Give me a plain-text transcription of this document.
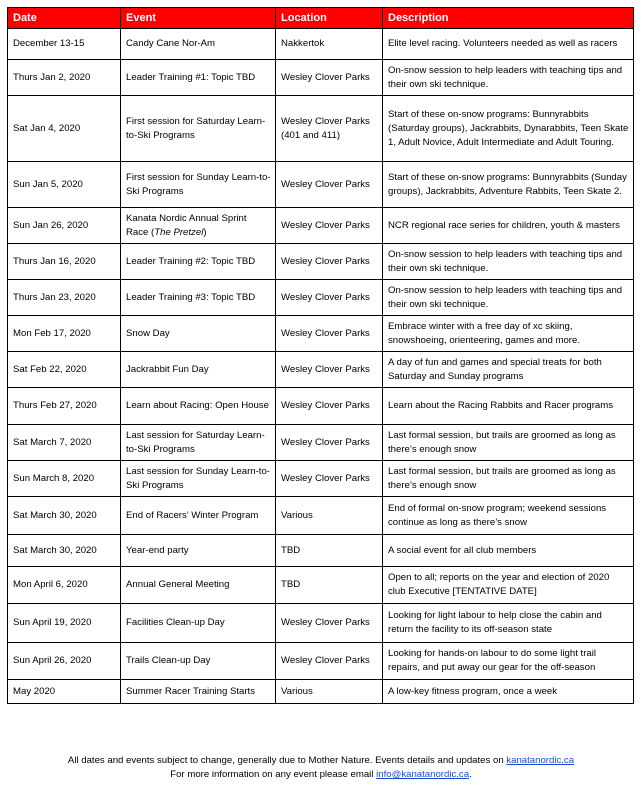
Date	Event	Location	Description
December 13-15	Candy Cane Nor-Am	Nakkertok	Elite level racing. Volunteers needed as well as racers
Thurs Jan 2, 2020	Leader Training #1: Topic TBD	Wesley Clover Parks	On-snow session to help leaders with teaching tips and their own ski technique.
Sat Jan 4, 2020	First session for Saturday Learn-to-Ski Programs	Wesley Clover Parks (401 and 411)	Start of these on-snow programs: Bunnyrabbits (Saturday groups), Jackrabbits, Dynarabbits, Teen Skate 1, Adult Novice, Adult Intermediate and Adult Touring.
Sun Jan 5, 2020	First session for Sunday Learn-to-Ski Programs	Wesley Clover Parks	Start of these on-snow programs: Bunnyrabbits (Sunday groups), Jackrabbits, Adventure Rabbits, Teen Skate 2.
Sun Jan 26, 2020	Kanata Nordic Annual Sprint Race (The Pretzel)	Wesley Clover Parks	NCR regional race series for children, youth & masters
Thurs Jan 16, 2020	Leader Training #2: Topic TBD	Wesley Clover Parks	On-snow session to help leaders with teaching tips and their own ski technique.
Thurs Jan 23, 2020	Leader Training #3: Topic TBD	Wesley Clover Parks	On-snow session to help leaders with teaching tips and their own ski technique.
Mon Feb 17, 2020	Snow Day	Wesley Clover Parks	Embrace winter with a free day of xc skiing, snowshoeing, orienteering, games and more.
Sat Feb 22, 2020	Jackrabbit Fun Day	Wesley Clover Parks	A day of fun and games and special treats for both Saturday and Sunday programs
Thurs Feb 27, 2020	Learn about Racing: Open House	Wesley Clover Parks	Learn about the Racing Rabbits and Racer programs
Sat March 7, 2020	Last session for Saturday Learn-to-Ski Programs	Wesley Clover Parks	Last formal session, but trails are groomed as long as there’s enough snow
Sun March 8, 2020	Last session for Sunday Learn-to-Ski Programs	Wesley Clover Parks	Last formal session, but trails are groomed as long as there’s enough snow
Sat March 30, 2020	End of Racers’ Winter Program	Various	End of formal on-snow program; weekend sessions continue as long as there’s snow
Sat March 30, 2020	Year-end party	TBD	A social event for all club members
Mon April 6, 2020	Annual General Meeting	TBD	Open to all; reports on the year and election of 2020 club Executive [TENTATIVE DATE]
Sun April 19, 2020	Facilities Clean-up Day	Wesley Clover Parks	Looking for light labour to help close the cabin and return the facility to its off-season state
Sun April 26, 2020	Trails Clean-up Day	Wesley Clover Parks	Looking for hands-on labour to do some light trail repairs, and put away our gear for the off-season
May 2020	Summer Racer Training Starts	Various	A low-key fitness program, once a week
All dates and events subject to change, generally due to Mother Nature. Events details and updates on kanatanordic.ca
For more information on any event please email info@kanatanordic.ca.
